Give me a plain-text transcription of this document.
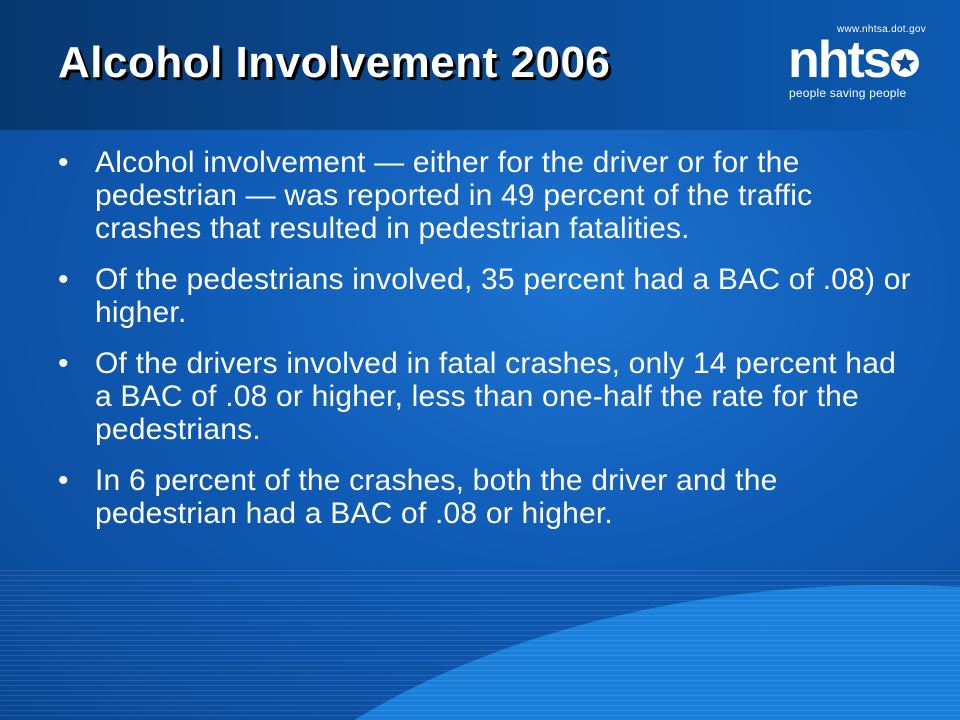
Alcohol Involvement 2006
www.nhtsa.dot.gov
nhts
people saving people
• Alcohol involvement — either for the driver or for the pedestrian — was reported in 49 percent of the traffic crashes that resulted in pedestrian fatalities.
• Of the pedestrians involved, 35 percent had a BAC of .08) or higher.
• Of the drivers involved in fatal crashes, only 14 percent had a BAC of .08 or higher, less than one-half the rate for the pedestrians.
• In 6 percent of the crashes, both the driver and the pedestrian had a BAC of .08 or higher.
